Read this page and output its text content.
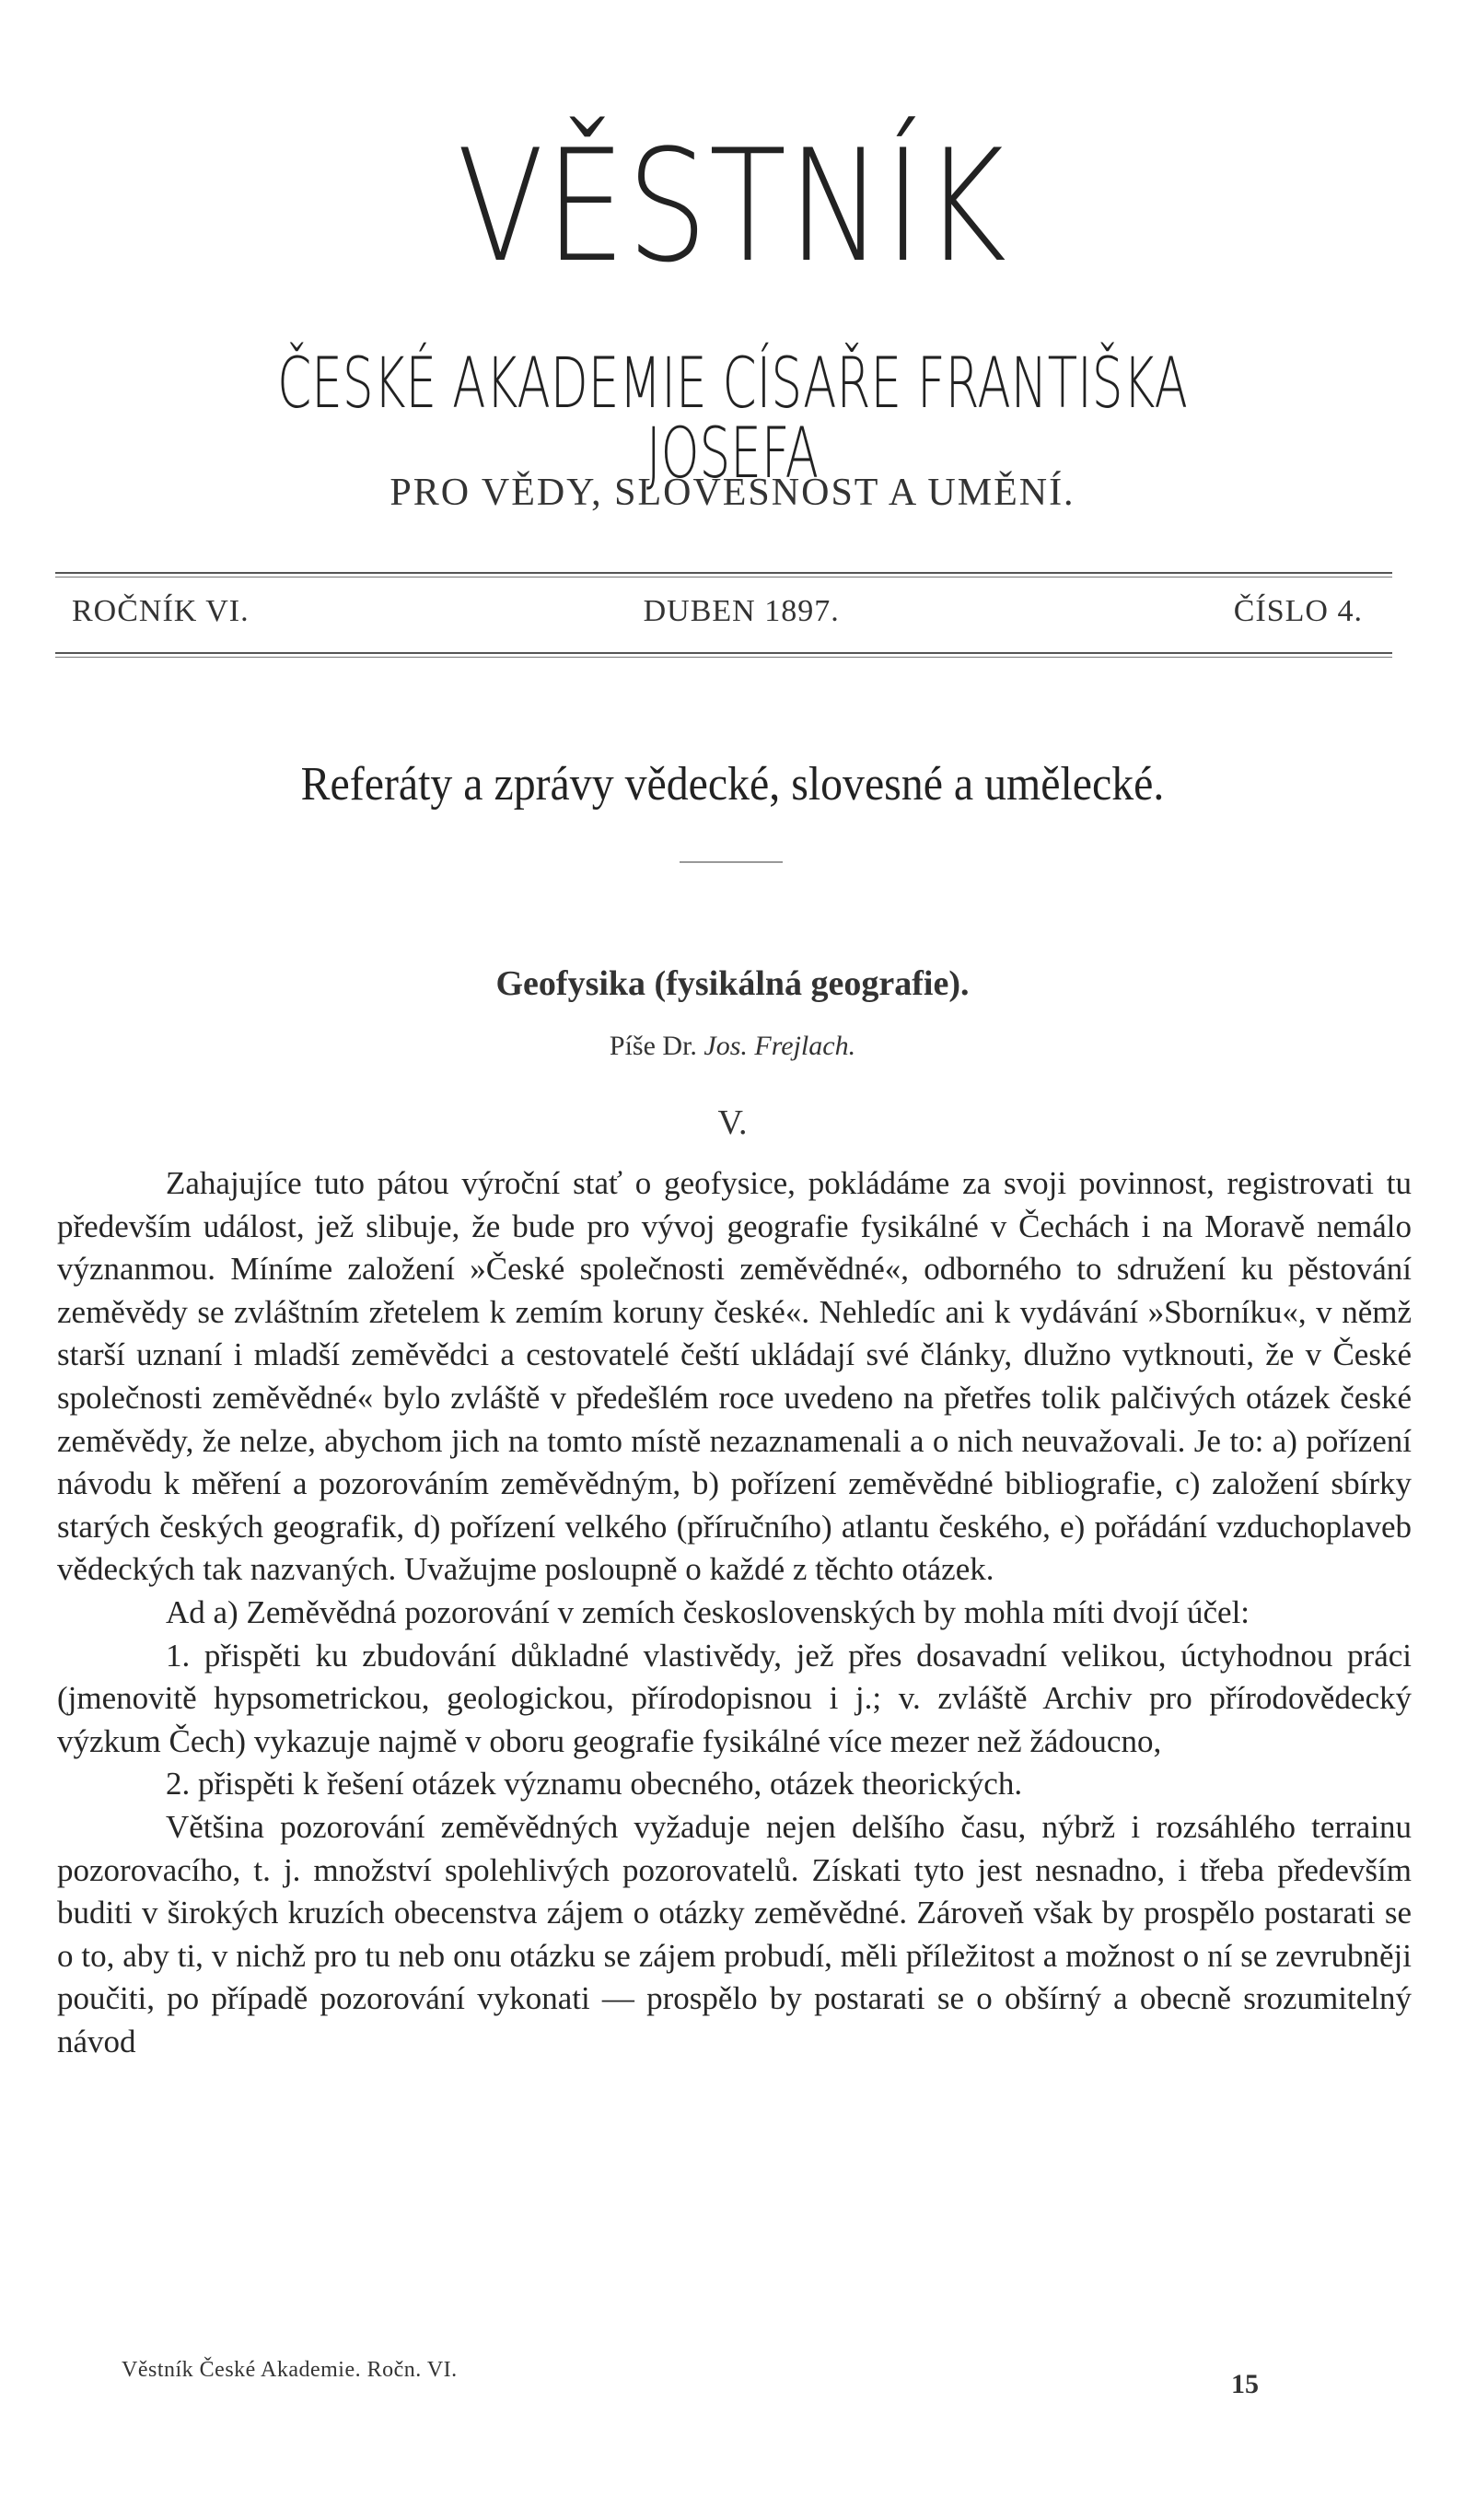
VĚSTNÍK
ČESKÉ AKADEMIE CÍSAŘE FRANTIŠKA JOSEFA
PRO VĚDY, SLOVESNOST A UMĚNÍ.
ROČNÍK VI.	DUBEN 1897.	ČÍSLO 4.
Referáty a zprávy vědecké, slovesné a umělecké.
Geofysika (fysikálná geografie).
Píše Dr. Jos. Frejlach.
V.

Zahajujíce tuto pátou výroční stať o geofysice, pokládáme za svoji povinnost, registrovati tu především událost, jež slibuje, že bude pro vývoj geografie fysikálné v Čechách i na Moravě nemálo význanmou. Míníme založení »České společnosti zeměvědné«, odborného to sdružení ku pěstování zeměvědy se zvláštním zřetelem k zemím koruny české«. Nehledíc ani k vydávání »Sborníku«, v němž starší uznaní i mladší zeměvědci a cestovatelé čeští ukládají své články, dlužno vytknouti, že v České společnosti zeměvědné« bylo zvláště v předešlém roce uvedeno na přetřes tolik palčivých otázek české zeměvědy, že nelze, abychom jich na tomto místě nezaznamenali a o nich neuvažovali. Je to: a) pořízení návodu k měření a pozorováním zeměvědným, b) pořízení zeměvědné bibliografie, c) založení sbírky starých českých geografik, d) pořízení velkého (příručního) atlantu českého, e) pořádání vzduchoplaveb vědeckých tak nazvaných. Uvažujme posloupně o každé z těchto otázek.

Ad a) Zeměvědná pozorování v zemích československých by mohla míti dvojí účel:

1. přispěti ku zbudování důkladné vlastivědy, jež přes dosavadní velikou, úctyhodnou práci (jmenovitě hypsometrickou, geologickou, přírodopisnou i j.; v. zvláště Archiv pro přírodovědecký výzkum Čech) vykazuje najmě v oboru geografie fysikálné více mezer než žádoucno,

2. přispěti k řešení otázek významu obecného, otázek theorických.

Většina pozorování zeměvědných vyžaduje nejen delšího času, nýbrž i rozsáhlého terrainu pozorovacího, t. j. množství spolehlivých pozorovatelů. Získati tyto jest nesnadno, i třeba především buditi v širokých kruzích obecenstva zájem o otázky zeměvědné. Zároveň však by prospělo postarati se o to, aby ti, v nichž pro tu neb onu otázku se zájem probudí, měli příležitost a možnost o ní se zevrubněji poučiti, po případě pozorování vykonati — prospělo by postarati se o obšírný a obecně srozumitelný návod

Věstník České Akademie. Ročn. VI.	15
